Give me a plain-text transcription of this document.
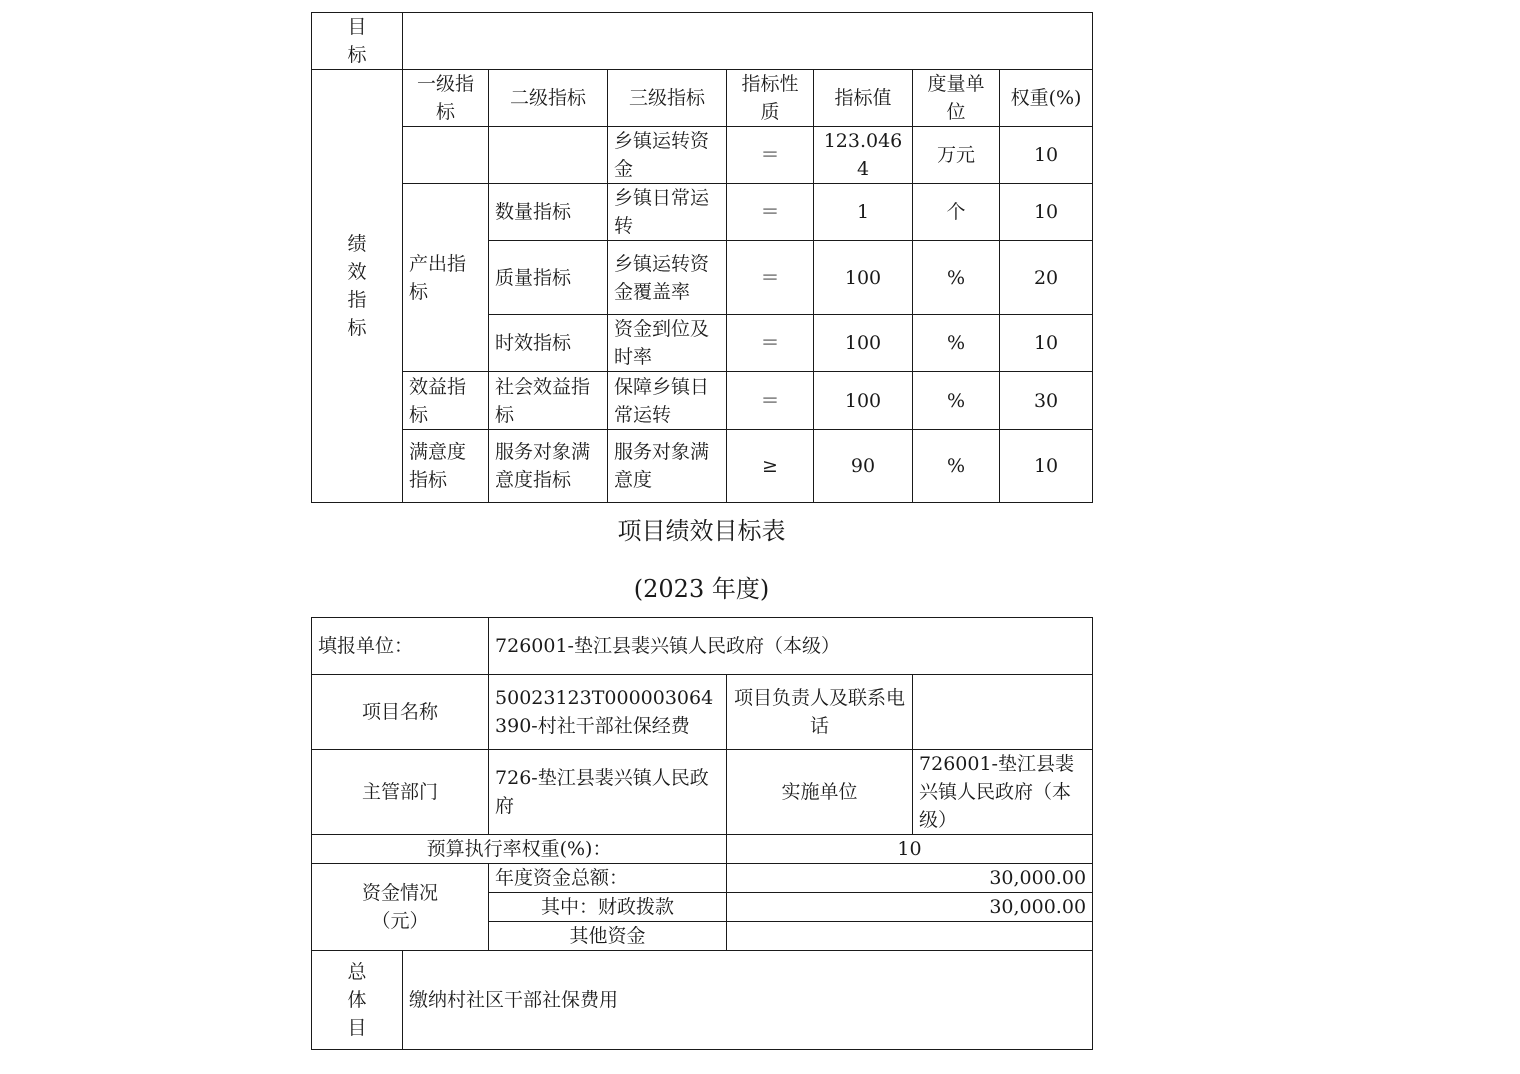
目标							
绩效指标	一级指标	二级指标	三级指标	指标性质	指标值	度量单位	权重(%)
			乡镇运转资金	＝	123.0464	万元	10
	产出指标	数量指标	乡镇日常运转	＝	1	个	10
		质量指标	乡镇运转资金覆盖率	＝	100	%	20
		时效指标	资金到位及时率	＝	100	%	10
	效益指标	社会效益指标	保障乡镇日常运转	＝	100	%	30
	满意度指标	服务对象满意度指标	服务对象满意度	≥	90	%	10
项目绩效目标表
(2023 年度)
填报单位：		726001-垫江县裴兴镇人民政府（本级）		
项目名称		50023123T000003064390-村社干部社保经费	项目负责人及联系电话	
主管部门		726-垫江县裴兴镇人民政府	实施单位	726001-垫江县裴兴镇人民政府（本级）
预算执行率权重(%)：			10	
资金情况（元）		年度资金总额：	30,000.00	
		其中：财政拨款	30,000.00	
		其他资金		
总体目	缴纳村社区干部社保费用			
